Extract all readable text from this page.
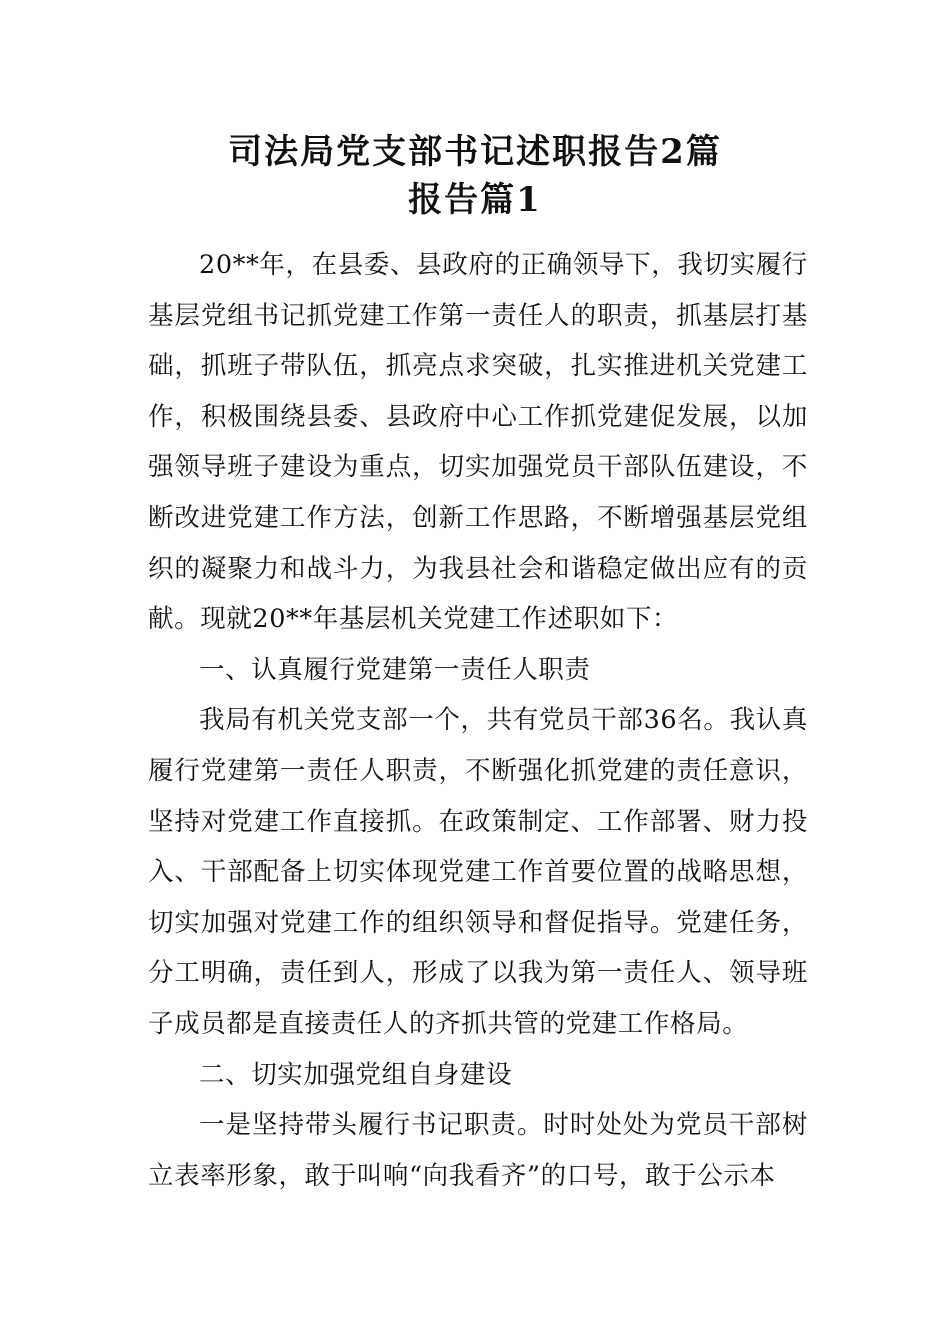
司法局党支部书记述职报告2篇
报告篇1

20**年，在县委、县政府的正确领导下，我切实履行基层党组书记抓党建工作第一责任人的职责，抓基层打基础，抓班子带队伍，抓亮点求突破，扎实推进机关党建工作，积极围绕县委、县政府中心工作抓党建促发展，以加强领导班子建设为重点，切实加强党员干部队伍建设，不断改进党建工作方法，创新工作思路，不断增强基层党组织的凝聚力和战斗力，为我县社会和谐稳定做出应有的贡献。现就20**年基层机关党建工作述职如下：

一、认真履行党建第一责任人职责

我局有机关党支部一个，共有党员干部36名。我认真履行党建第一责任人职责，不断强化抓党建的责任意识，坚持对党建工作直接抓。在政策制定、工作部署、财力投入、干部配备上切实体现党建工作首要位置的战略思想，切实加强对党建工作的组织领导和督促指导。党建任务，分工明确，责任到人，形成了以我为第一责任人、领导班子成员都是直接责任人的齐抓共管的党建工作格局。

二、切实加强党组自身建设

一是坚持带头履行书记职责。时时处处为党员干部树立表率形象，敢于叫响“向我看齐”的口号，敢于公示本
